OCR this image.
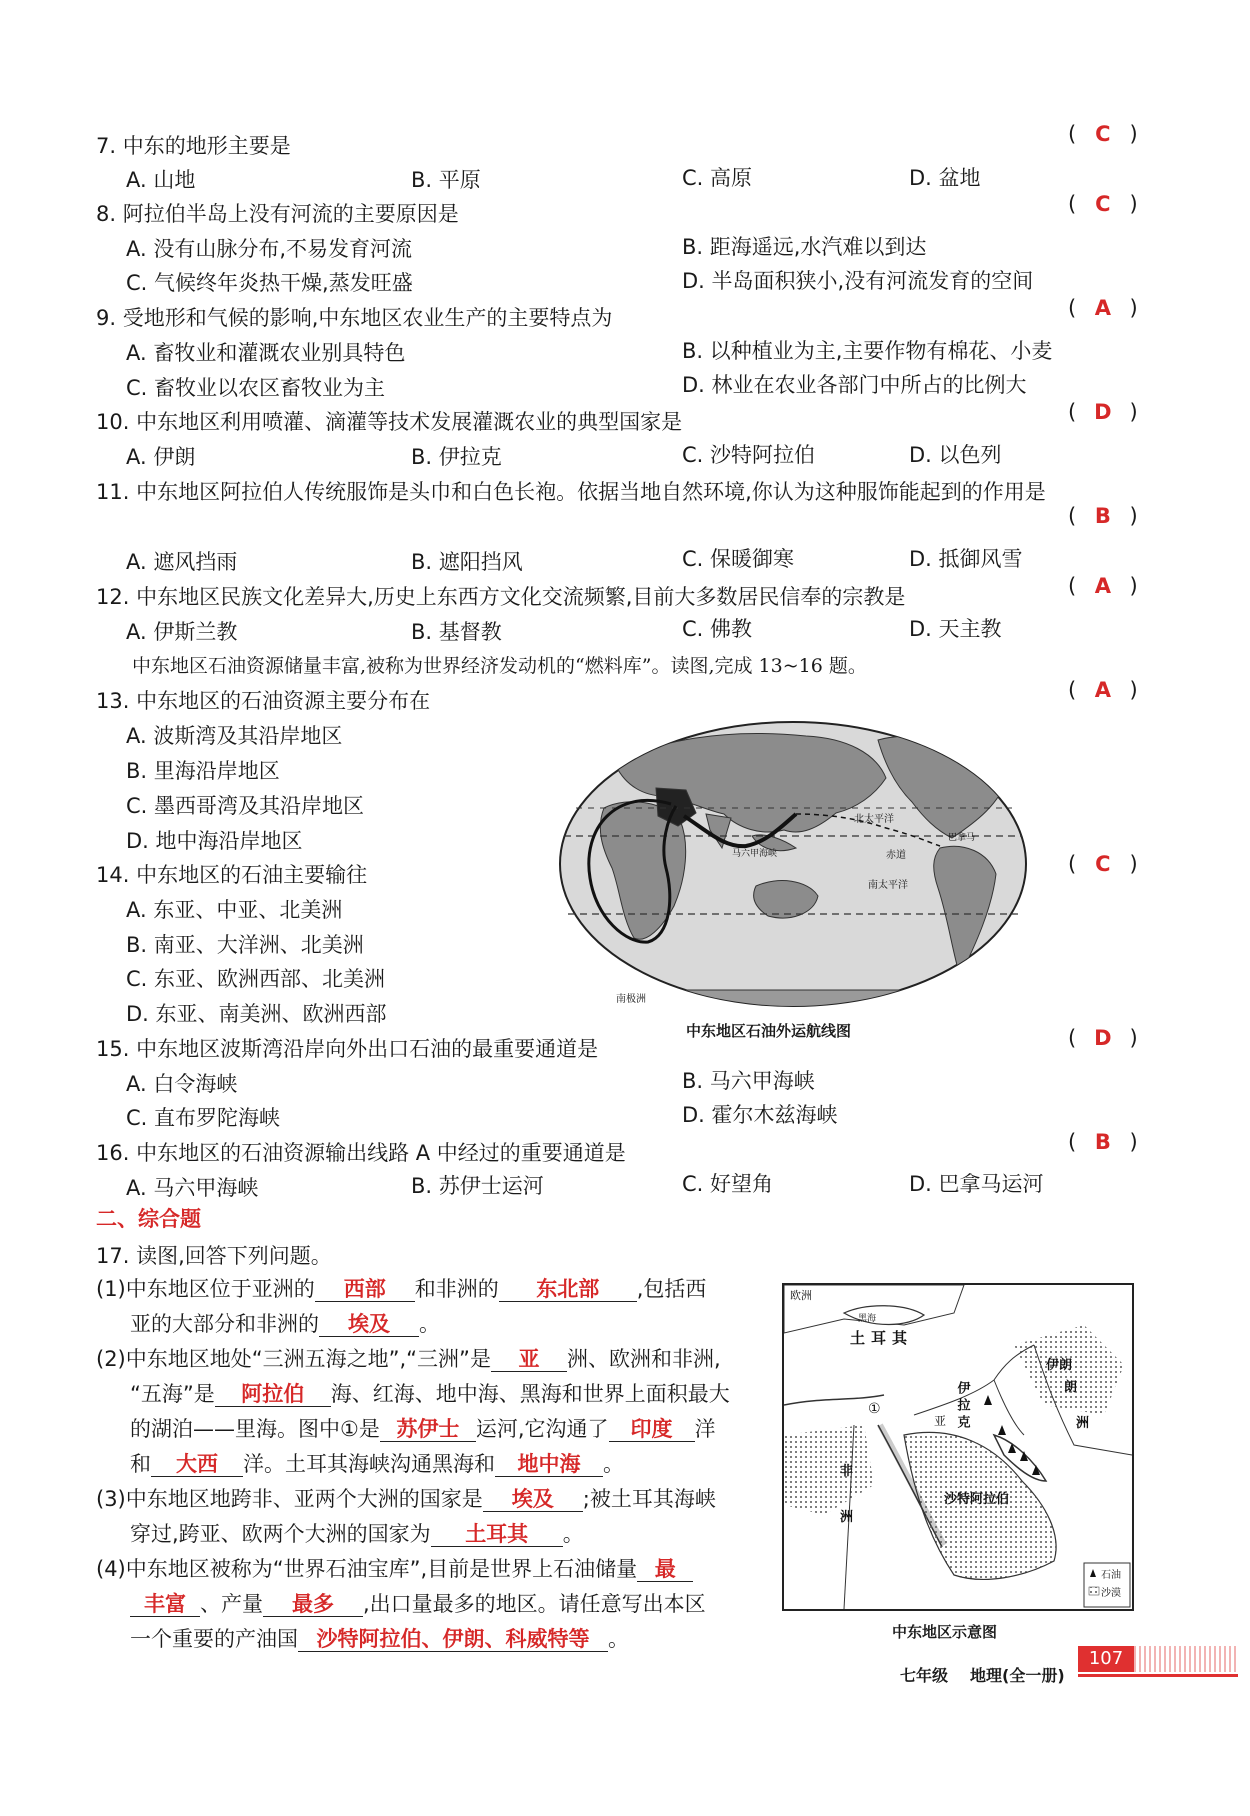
7. 中东的地形主要是	( C )
A. 山地	B. 平原	C. 高原	D. 盆地
8. 阿拉伯半岛上没有河流的主要原因是	( C )
A. 没有山脉分布,不易发育河流	B. 距海遥远,水汽难以到达
C. 气候终年炎热干燥,蒸发旺盛	D. 半岛面积狭小,没有河流发育的空间
9. 受地形和气候的影响,中东地区农业生产的主要特点为	( A )
A. 畜牧业和灌溉农业别具特色	B. 以种植业为主,主要作物有棉花、小麦
C. 畜牧业以农区畜牧业为主	D. 林业在农业各部门中所占的比例大
10. 中东地区利用喷灌、滴灌等技术发展灌溉农业的典型国家是	( D )
A. 伊朗	B. 伊拉克	C. 沙特阿拉伯	D. 以色列
11. 中东地区阿拉伯人传统服饰是头巾和白色长袍。依据当地自然环境,你认为这种服饰能起到的作用是
( B )
A. 遮风挡雨	B. 遮阳挡风	C. 保暖御寒	D. 抵御风雪
12. 中东地区民族文化差异大,历史上东西方文化交流频繁,目前大多数居民信奉的宗教是	( A )
A. 伊斯兰教	B. 基督教	C. 佛教	D. 天主教
中东地区石油资源储量丰富,被称为世界经济发动机的“燃料库”。读图,完成 13~16 题。
13. 中东地区的石油资源主要分布在	( A )
A. 波斯湾及其沿岸地区
B. 里海沿岸地区
C. 墨西哥湾及其沿岸地区
D. 地中海沿岸地区
14. 中东地区的石油主要输往	( C )
A. 东亚、中亚、北美洲
B. 南亚、大洋洲、北美洲
C. 东亚、欧洲西部、北美洲
D. 东亚、南美洲、欧洲西部
北太平洋
南太平洋
赤道
马六甲海峡
巴拿马
南极洲
中东地区石油外运航线图
15. 中东地区波斯湾沿岸向外出口石油的最重要通道是	( D )
A. 白令海峡	B. 马六甲海峡
C. 直布罗陀海峡	D. 霍尔木兹海峡
16. 中东地区的石油资源输出线路 A 中经过的重要通道是	( B )
A. 马六甲海峡	B. 苏伊士运河	C. 好望角	D. 巴拿马运河
二、综合题
17. 读图,回答下列问题。
(1)中东地区位于亚洲的 西部 和非洲的 东北部 ,包括西
亚的大部分和非洲的 埃及 。
(2)中东地区地处“三洲五海之地”,“三洲”是 亚 洲、欧洲和非洲,
“五海”是 阿拉伯 海、红海、地中海、黑海和世界上面积最大
的湖泊——里海。图中①是 苏伊士 运河,它沟通了 印度 洋
和 大西 洋。土耳其海峡沟通黑海和 地中海 。
(3)中东地区地跨非、亚两个大洲的国家是 埃及 ;被土耳其海峡
穿过,跨亚、欧两个大洲的国家为 土耳其 。
(4)中东地区被称为“世界石油宝库”,目前是世界上石油储量 最
丰富 、产量 最多 ,出口量最多的地区。请任意写出本区
一个重要的产油国 沙特阿拉伯、伊朗、科威特等 。
石油
沙漠
欧洲
黑海
土耳其
伊拉克
伊朗
朗
洲
亚
①
非
洲
沙特阿拉伯
中东地区示意图
七年级 地理(全一册)
107
